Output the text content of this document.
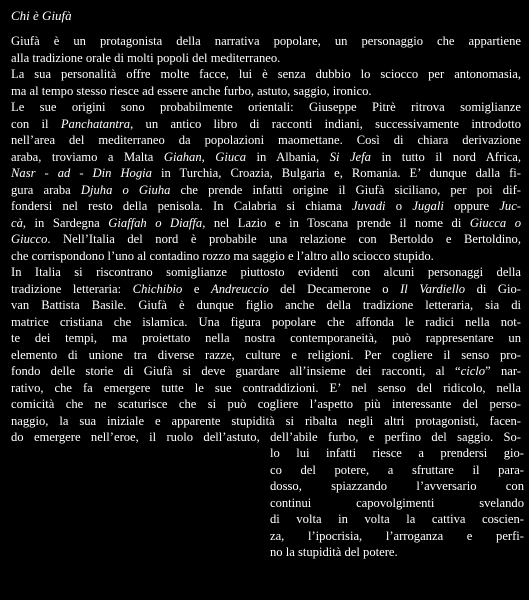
Chi è Giufà
Giufà è un protagonista della narrativa popolare, un personaggio che appartiene
alla tradizione orale di molti popoli del mediterraneo.
La sua personalità offre molte facce, lui è senza dubbio lo sciocco per antonomasia,
ma al tempo stesso riesce ad essere anche furbo, astuto, saggio, ironico.
Le sue origini sono probabilmente orientali: Giuseppe Pitrè ritrova somiglianze
con il Panchatantra, un antico libro di racconti indiani, successivamente introdotto
nell’area del mediterraneo da popolazioni maomettane. Così di chiara derivazione
araba, troviamo a Malta Giahan, Giuca in Albania, Si Jefa in tutto il nord Africa,
Nasr - ad - Din Hogia in Turchia, Croazia, Bulgaria e, Romania. E’ dunque dalla fi-
gura araba Djuha o Giuha che prende infatti origine il Giufà siciliano, per poi dif-
fondersi nel resto della penisola. In Calabria si chiama Juvadi o Jugali oppure Juc-
cà, in Sardegna Giaffah o Diaffa, nel Lazio e in Toscana prende il nome di Giucca o
Giucco. Nell’Italia del nord è probabile una relazione con Bertoldo e Bertoldino,
che corrispondono l’uno al contadino rozzo ma saggio e l’altro allo sciocco stupido.
In Italia si riscontrano somiglianze piuttosto evidenti con alcuni personaggi della
tradizione letteraria: Chichibio e Andreuccio del Decamerone o Il Vardiello di Gio-
van Battista Basile. Giufà è dunque figlio anche della tradizione letteraria, sia di
matrice cristiana che islamica. Una figura popolare che affonda le radici nella not-
te dei tempi, ma proiettato nella nostra contemporaneità, può rappresentare un
elemento di unione tra diverse razze, culture e religioni. Per cogliere il senso pro-
fondo delle storie di Giufà si deve guardare all’insieme dei racconti, al “ciclo” nar-
rativo, che fa emergere tutte le sue contraddizioni. E’ nel senso del ridicolo, nella
comicità che ne scaturisce che si può cogliere l’aspetto più interessante del perso-
naggio, la sua iniziale e apparente stupidità si ribalta negli altri protagonisti, facen-
do emergere nell’eroe, il ruolo dell’astuto, dell’abile furbo, e perfino del saggio. So-
lo lui infatti riesce a prendersi gio-
co del potere, a sfruttare il para-
dosso, spiazzando l’avversario con
continui capovolgimenti svelando
di volta in volta la cattiva coscien-
za, l’ipocrisia, l’arroganza e perfi-
no la stupidità del potere.
